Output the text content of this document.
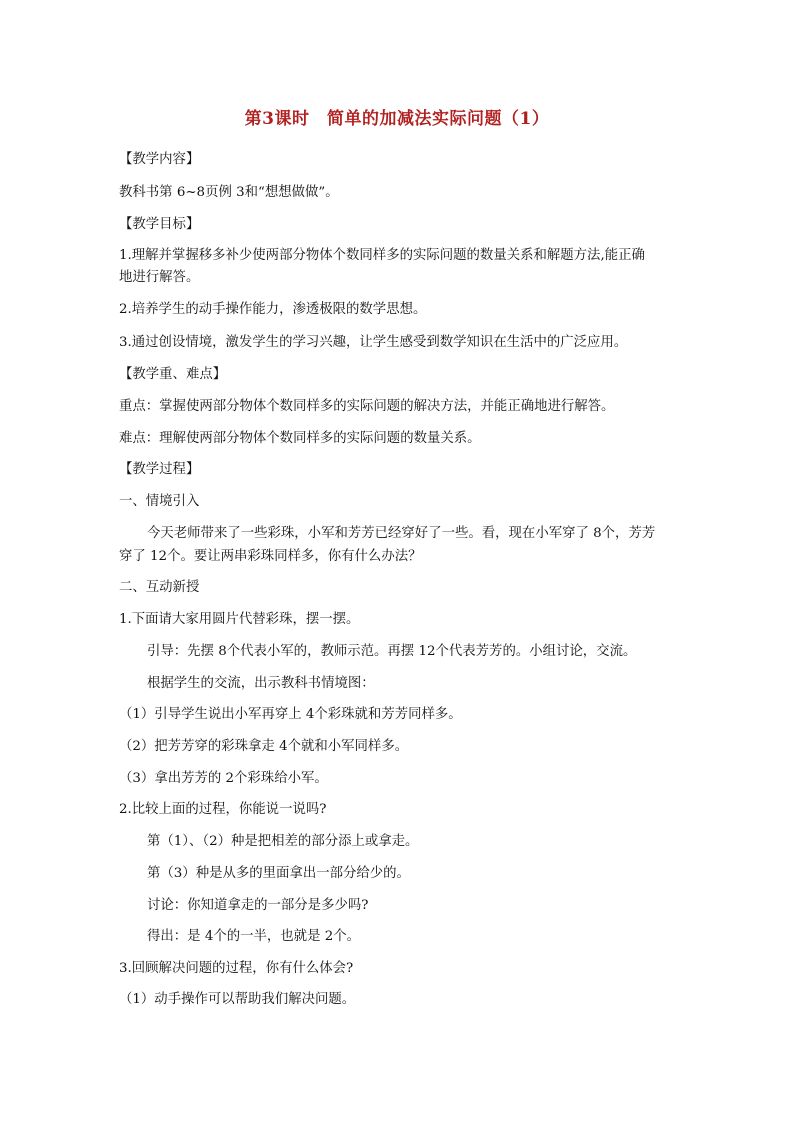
第3课时　简单的加减法实际问题（1）
【教学内容】
教科书第 6~8页例 3和“想想做做”。
【教学目标】
1.理解并掌握移多补少使两部分物体个数同样多的实际问题的数量关系和解题方法,能正确
地进行解答。
2.培养学生的动手操作能力，渗透极限的数学思想。
3.通过创设情境，激发学生的学习兴趣，让学生感受到数学知识在生活中的广泛应用。
【教学重、难点】
重点：掌握使两部分物体个数同样多的实际问题的解决方法，并能正确地进行解答。
难点：理解使两部分物体个数同样多的实际问题的数量关系。
【教学过程】
一、情境引入
今天老师带来了一些彩珠，小军和芳芳已经穿好了一些。看，现在小军穿了 8个，芳芳
穿了 12个。要让两串彩珠同样多，你有什么办法？
二、互动新授
1.下面请大家用圆片代替彩珠，摆一摆。
引导：先摆 8个代表小军的，教师示范。再摆 12个代表芳芳的。小组讨论，交流。
根据学生的交流，出示教科书情境图：
（1）引导学生说出小军再穿上 4个彩珠就和芳芳同样多。
（2）把芳芳穿的彩珠拿走 4个就和小军同样多。
（3）拿出芳芳的 2个彩珠给小军。
2.比较上面的过程，你能说一说吗?
第（1）、（2）种是把相差的部分添上或拿走。
第（3）种是从多的里面拿出一部分给少的。
讨论：你知道拿走的一部分是多少吗?
得出：是 4个的一半，也就是 2个。
3.回顾解决问题的过程，你有什么体会?
（1）动手操作可以帮助我们解决问题。
